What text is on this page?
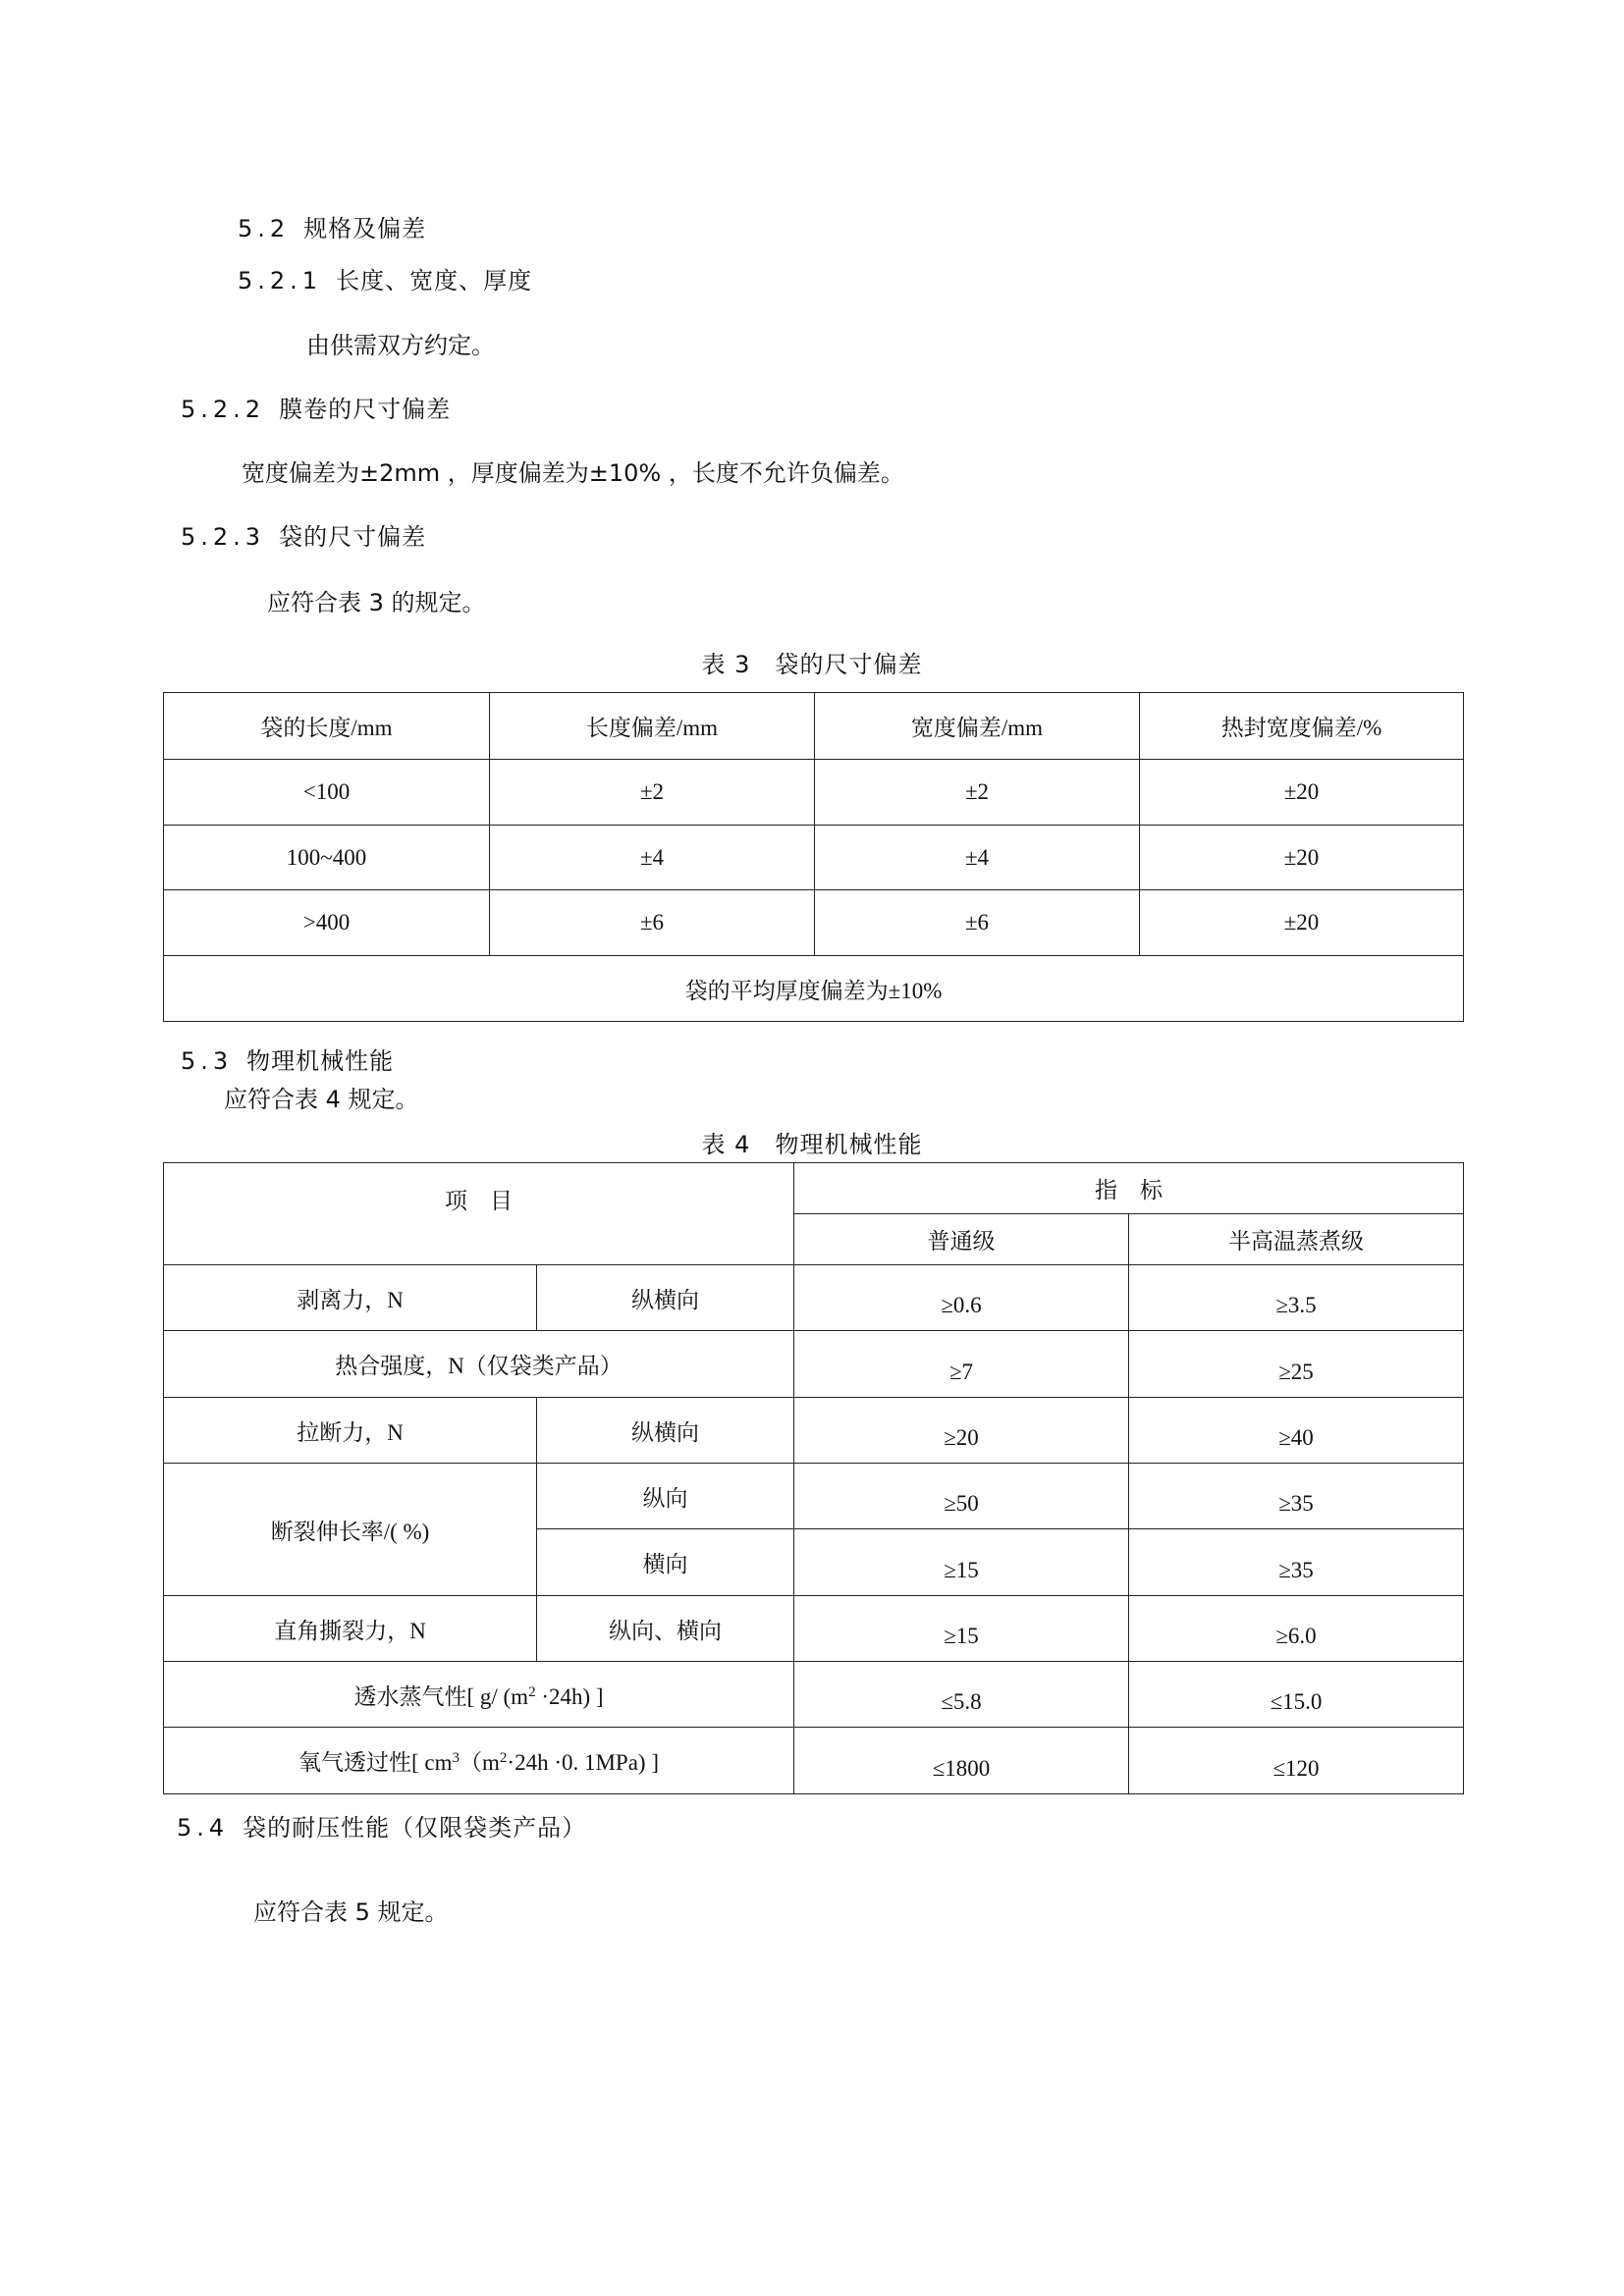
5.2 规格及偏差
5.2.1 长度、宽度、厚度
由供需双方约定。
5.2.2 膜卷的尺寸偏差
宽度偏差为±2mm ，厚度偏差为±10% ，长度不允许负偏差。
5.2.3 袋的尺寸偏差
应符合表 3 的规定。
表 3　袋的尺寸偏差
袋的长度/mm	长度偏差/mm	宽度偏差/mm	热封宽度偏差/%
<100	±2	±2	±20
100~400	±4	±4	±20
>400	±6	±6	±20
袋的平均厚度偏差为±10%			
5.3 物理机械性能
应符合表 4 规定。
表 4　物理机械性能
项　目		指　标	
		普通级	半高温蒸煮级
剥离力，N	纵横向	≥0.6	≥3.5
热合强度，N（仅袋类产品）		≥7	≥25
拉断力，N	纵横向	≥20	≥40
断裂伸长率/( %)	纵向	≥50	≥35
	横向	≥15	≥35
直角撕裂力，N	纵向、横向	≥15	≥6.0
透水蒸气性[ g/ $(m^2 \cdot 24h)$ ]		≤5.8	≤15.0
氧气透过性[ $cm^3(m^2\cdot 24h \cdot 0$. 1MPa) ]		≤1800	≤120
5.4 袋的耐压性能（仅限袋类产品）
应符合表 5 规定。
